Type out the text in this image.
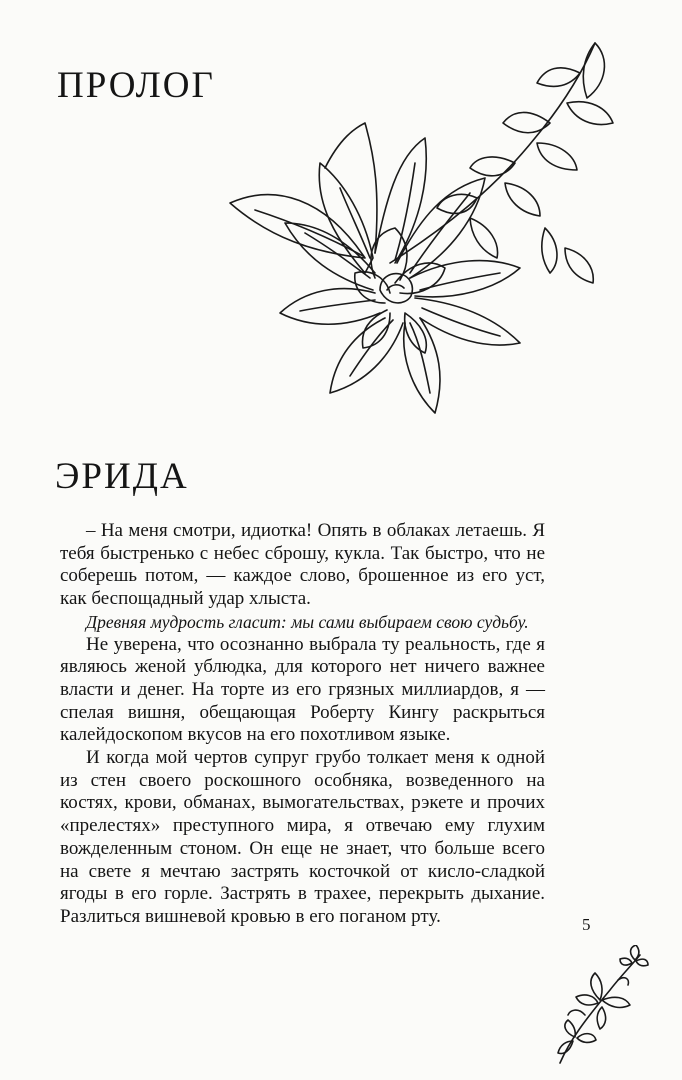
ПРОЛОГ
ЭРИДА

– На меня смотри, идиотка! Опять в облаках летаешь. Я тебя быстренько с небес сброшу, кукла. Так быстро, что не соберешь потом, — каждое слово, брошенное из его уст, как беспощадный удар хлыста.

Древняя мудрость гласит: мы сами выбираем свою судьбу.

Не уверена, что осознанно выбрала ту реальность, где я являюсь женой ублюдка, для которого нет ничего важнее власти и денег. На торте из его грязных миллиардов, я — спелая вишня, обещающая Роберту Кингу раскрыться калейдоскопом вкусов на его похотливом языке.

И когда мой чертов супруг грубо толкает меня к одной из стен своего роскошного особняка, возведенного на костях, крови, обманах, вымогательствах, рэкете и прочих «прелестях» преступного мира, я отвечаю ему глухим вожделенным стоном. Он еще не знает, что больше всего на свете я мечтаю застрять косточкой от кисло-сладкой ягоды в его горле. Застрять в трахее, перекрыть дыхание. Разлиться вишневой кровью в его поганом рту.	5
